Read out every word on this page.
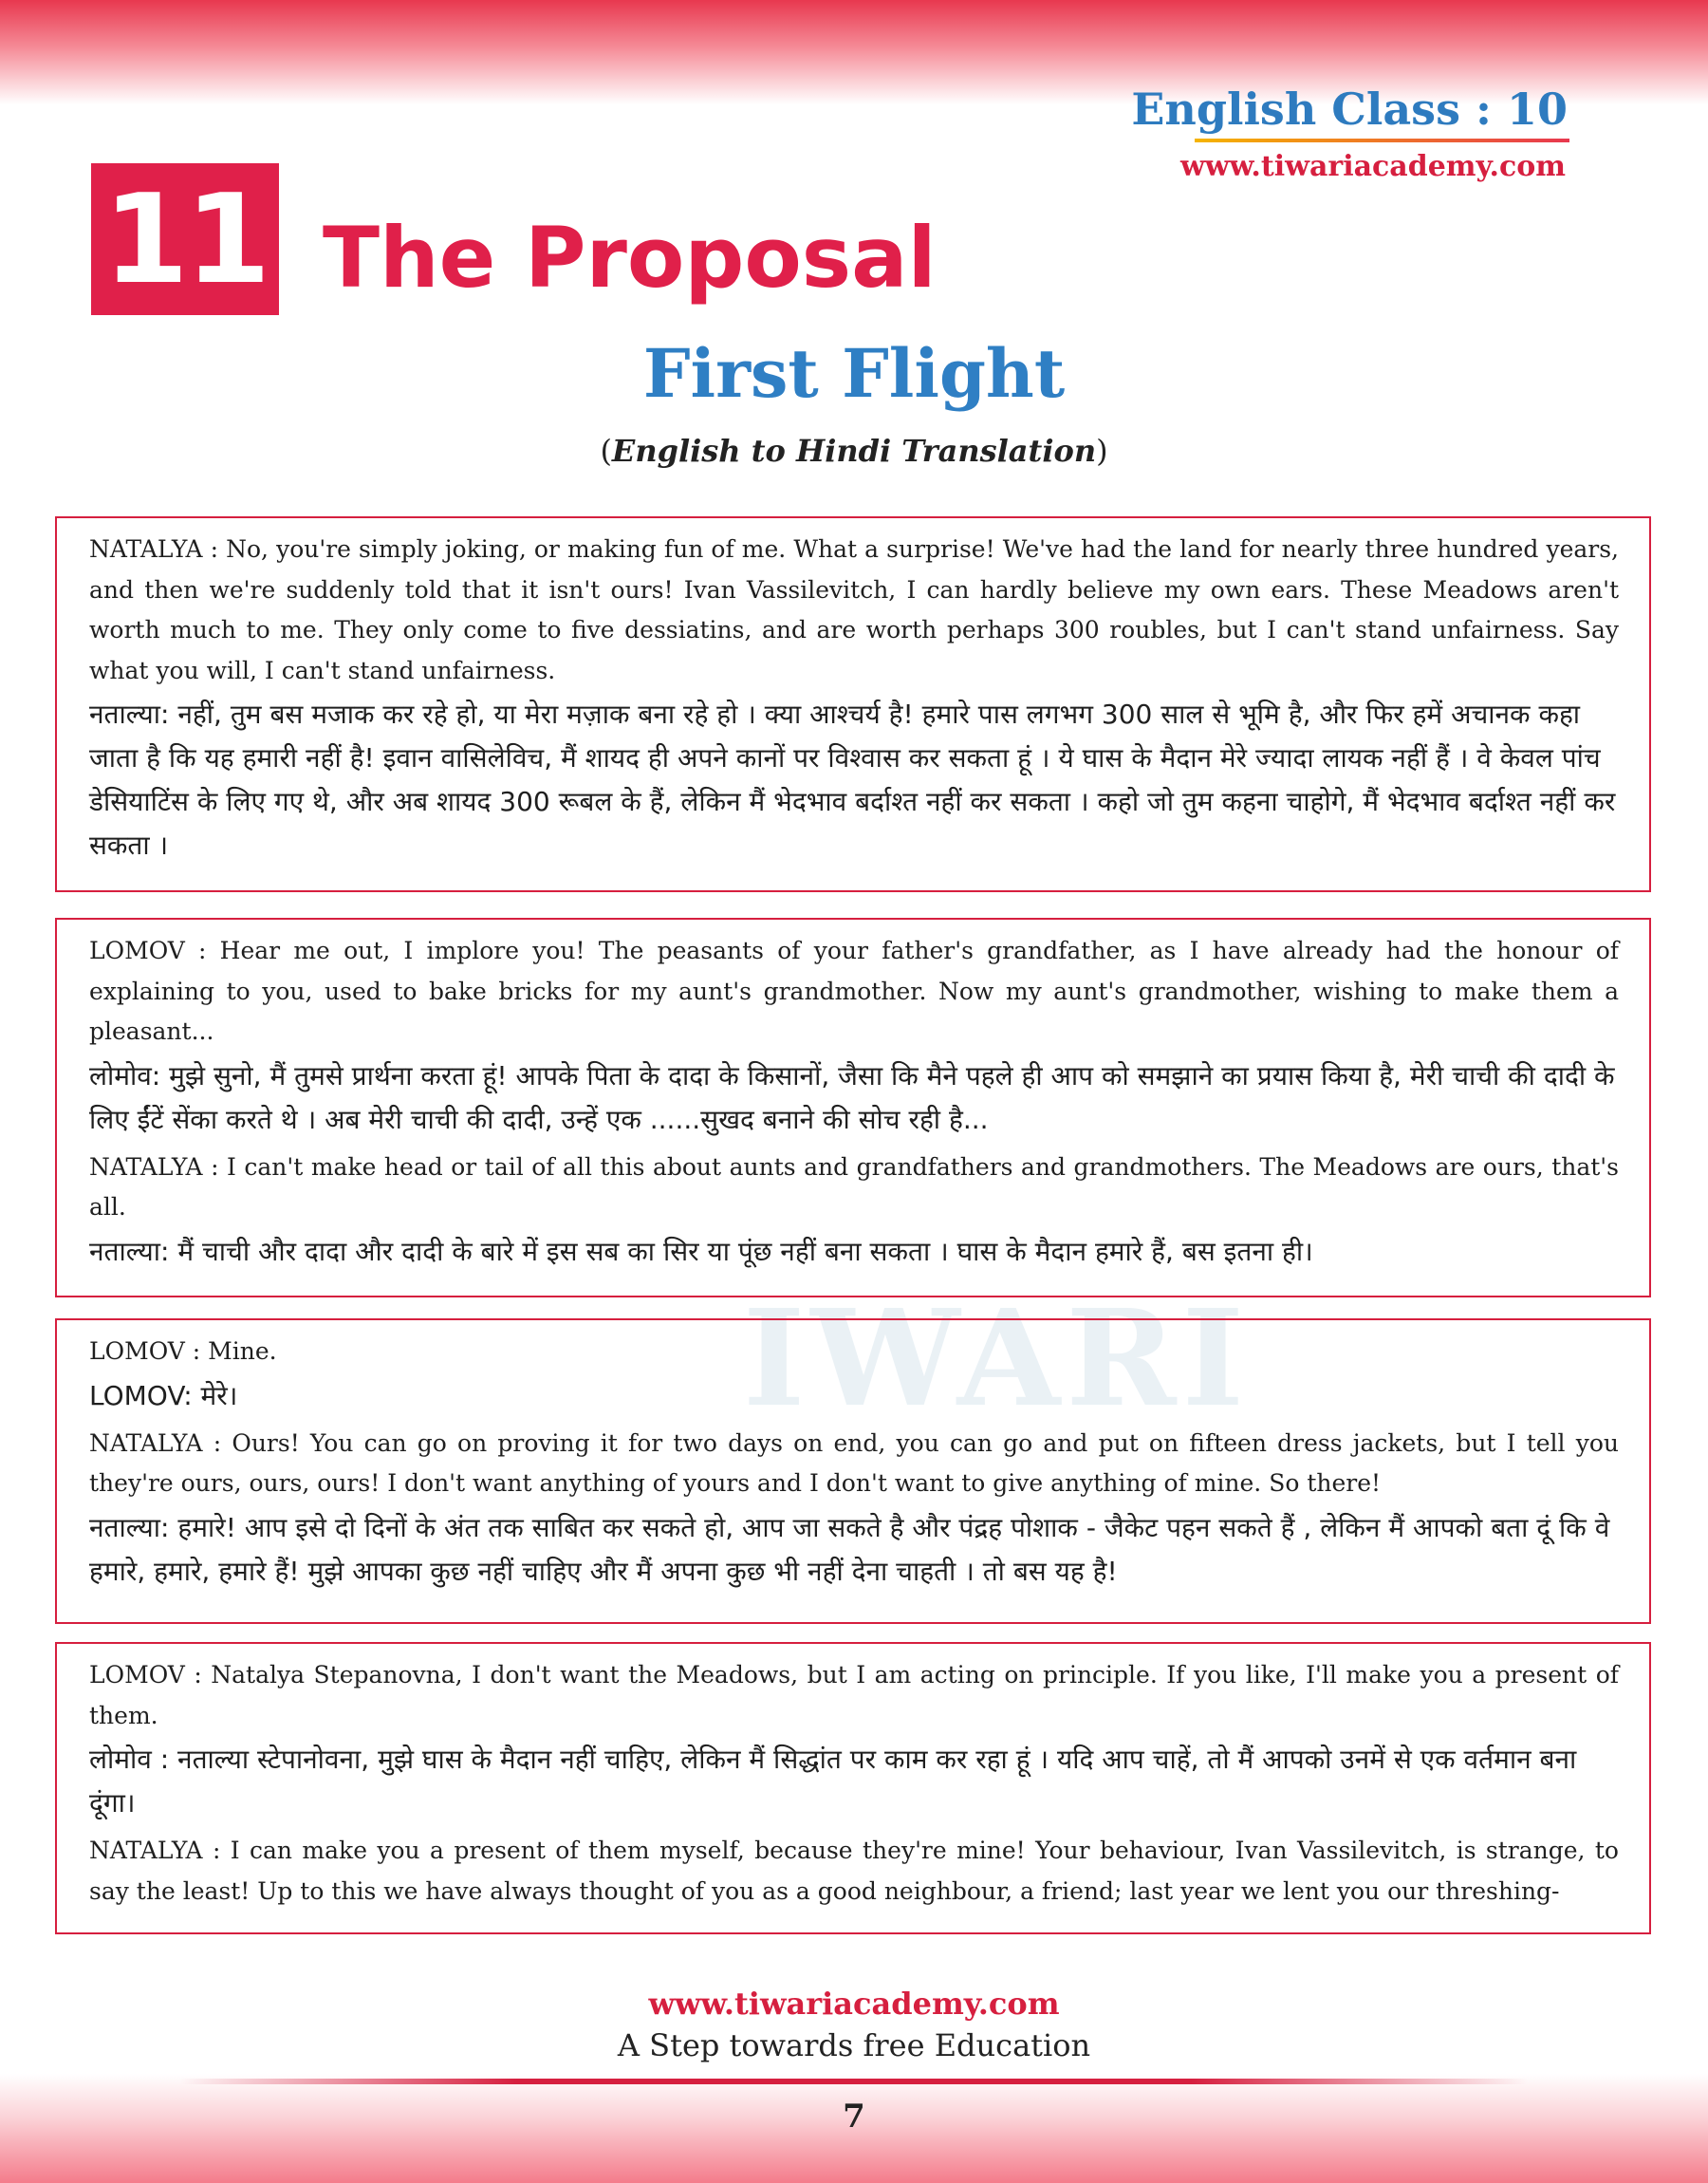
English Class : 10
www.tiwariacademy.com
11 The Proposal
First Flight
(English to Hindi Translation)
IWARI

NATALYA : No, you're simply joking, or making fun of me. What a surprise! We've had the land for nearly three hundred years, and then we're suddenly told that it isn't ours! Ivan Vassilevitch, I can hardly believe my own ears. These Meadows aren't worth much to me. They only come to five dessiatins, and are worth perhaps 300 roubles, but I can't stand unfairness. Say what you will, I can't stand unfairness.

नताल्या: नहीं, तुम बस मजाक कर रहे हो, या मेरा मज़ाक बना रहे हो । क्या आश्चर्य है! हमारे पास लगभग 300 साल से भूमि है, और फिर हमें अचानक कहा जाता है कि यह हमारी नहीं है! इवान वासिलेविच, मैं शायद ही अपने कानों पर विश्वास कर सकता हूं । ये घास के मैदान मेरे ज्यादा लायक नहीं हैं । वे केवल पांच डेसियाटिंस के लिए गए थे, और अब शायद 300 रूबल के हैं, लेकिन मैं भेदभाव बर्दाश्त नहीं कर सकता । कहो जो तुम कहना चाहोगे, मैं भेदभाव बर्दाश्त नहीं कर सकता ।

LOMOV : Hear me out, I implore you! The peasants of your father's grandfather, as I have already had the honour of explaining to you, used to bake bricks for my aunt's grandmother. Now my aunt's grandmother, wishing to make them a pleasant...

लोमोव: मुझे सुनो, मैं तुमसे प्रार्थना करता हूं! आपके पिता के दादा के किसानों, जैसा कि मैने पहले ही आप को समझाने का प्रयास किया है, मेरी चाची की दादी के लिए ईंटें सेंका करते थे । अब मेरी चाची की दादी, उन्हें एक ......सुखद बनाने की सोच रही है...

NATALYA : I can't make head or tail of all this about aunts and grandfathers and grandmothers. The Meadows are ours, that's all.

नताल्या: मैं चाची और दादा और दादी के बारे में इस सब का सिर या पूंछ नहीं बना सकता । घास के मैदान हमारे हैं, बस इतना ही।

LOMOV : Mine.

LOMOV: मेरे।

NATALYA : Ours! You can go on proving it for two days on end, you can go and put on fifteen dress jackets, but I tell you they're ours, ours, ours! I don't want anything of yours and I don't want to give anything of mine. So there!

नताल्या: हमारे! आप इसे दो दिनों के अंत तक साबित कर सकते हो, आप जा सकते है और पंद्रह पोशाक - जैकेट पहन सकते हैं , लेकिन मैं आपको बता दूं कि वे हमारे, हमारे, हमारे हैं! मुझे आपका कुछ नहीं चाहिए और मैं अपना कुछ भी नहीं देना चाहती । तो बस यह है!

LOMOV : Natalya Stepanovna, I don't want the Meadows, but I am acting on principle. If you like, I'll make you a present of them.

लोमोव : नताल्या स्टेपानोवना, मुझे घास के मैदान नहीं चाहिए, लेकिन मैं सिद्धांत पर काम कर रहा हूं । यदि आप चाहें, तो मैं आपको उनमें से एक वर्तमान बना दूंगा।

NATALYA : I can make you a present of them myself, because they're mine! Your behaviour, Ivan Vassilevitch, is strange, to say the least! Up to this we have always thought of you as a good neighbour, a friend; last year we lent you our threshing-

www.tiwariacademy.com
A Step towards free Education
7
